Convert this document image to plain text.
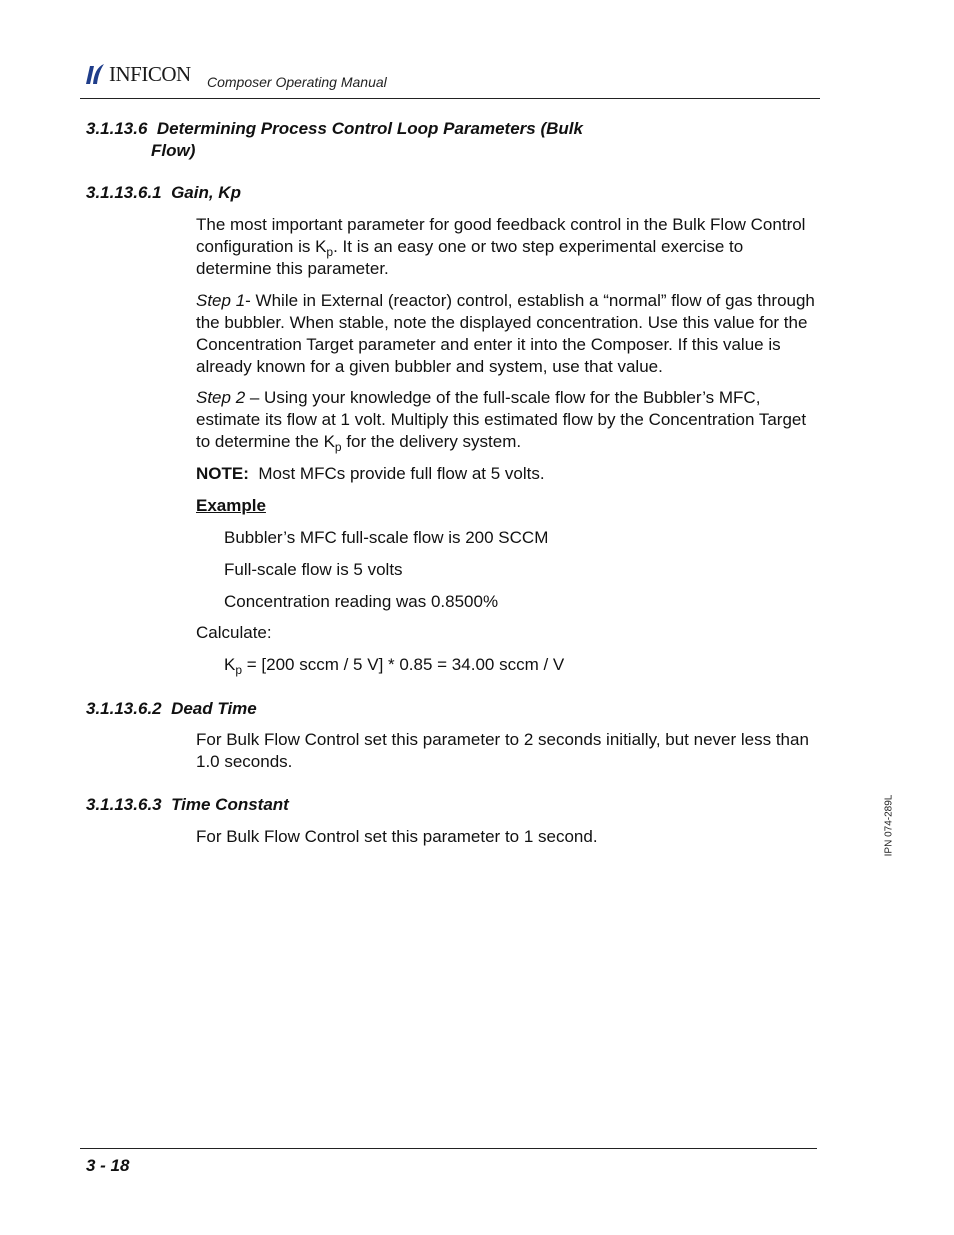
INFICON Composer Operating Manual
3.1.13.6 Determining Process Control Loop Parameters (Bulk
Flow)
3.1.13.6.1 Gain, Kp
The most important parameter for good feedback control in the Bulk Flow Control configuration is $K_p$. It is an easy one or two step experimental exercise to determine this parameter.
Step 1- While in External (reactor) control, establish a “normal” flow of gas through the bubbler. When stable, note the displayed concentration. Use this value for the Concentration Target parameter and enter it into the Composer. If this value is already known for a given bubbler and system, use that value.
Step 2 – Using your knowledge of the full-scale flow for the Bubbler’s MFC, estimate its flow at 1 volt. Multiply this estimated flow by the Concentration Target to determine the $K_p$ for the delivery system.
NOTE: Most MFCs provide full flow at 5 volts.
Example
Bubbler’s MFC full-scale flow is 200 SCCM
Full-scale flow is 5 volts
Concentration reading was 0.8500%
Calculate:
$K_p = [200$ sccm / 5 V] * 0.85 = 34.00 sccm / V
3.1.13.6.2 Dead Time
For Bulk Flow Control set this parameter to 2 seconds initially, but never less than 1.0 seconds.
3.1.13.6.3 Time Constant
For Bulk Flow Control set this parameter to 1 second.	IPN 074-289L
3 - 18
